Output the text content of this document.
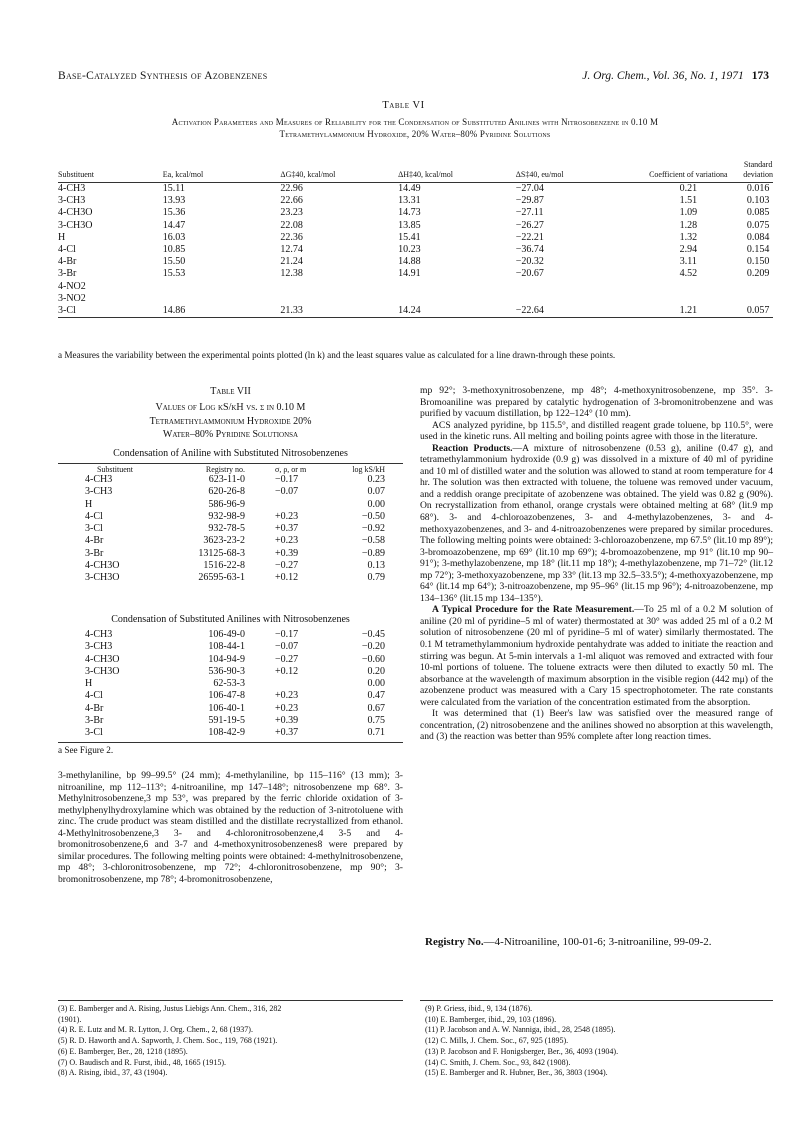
Base-Catalyzed Synthesis of Azobenzenes	J. Org. Chem., Vol. 36, No. 1, 1971 173
Table VI
Activation Parameters and Measures of Reliability for the Condensation of Substituted Anilines with Nitrosobenzene in 0.10 M Tetramethylammonium Hydroxide, 20% Water–80% Pyridine Solutions
Substituent	Ea, kcal/mol	ΔG‡40, kcal/mol	ΔH‡40, kcal/mol	ΔS‡40, eu/mol	Coefficient of variationa	Standard deviation
4-CH3	15.11	22.96	14.49	−27.04	0.21	0.016
3-CH3	13.93	22.66	13.31	−29.87	1.51	0.103
4-CH3O	15.36	23.23	14.73	−27.11	1.09	0.085
3-CH3O	14.47	22.08	13.85	−26.27	1.28	0.075
H	16.03	22.36	15.41	−22.21	1.32	0.084
4-Cl	10.85	12.74	10.23	−36.74	2.94	0.154
4-Br	15.50	21.24	14.88	−20.32	3.11	0.150
3-Br	15.53	12.38	14.91	−20.67	4.52	0.209
4-NO2						
3-NO2						
3-Cl	14.86	21.33	14.24	−22.64	1.21	0.057
a Measures the variability between the experimental points plotted (ln k) and the least squares value as calculated for a line drawn-through these points.
Table VII
Values of Log kS/kH vs. σ in 0.10 M
Tetramethylammonium Hydroxide 20%
Water–80% Pyridine Solutionsa
Condensation of Aniline with Substituted Nitrosobenzenes
Substituent	Registry no.	σ, ρ, or m	log kS/kH
4-CH3	623-11-0	−0.17	0.23
3-CH3	620-26-8	−0.07	0.07
H	586-96-9		0.00
4-Cl	932-98-9	+0.23	−0.50
3-Cl	932-78-5	+0.37	−0.92
4-Br	3623-23-2	+0.23	−0.58
3-Br	13125-68-3	+0.39	−0.89
4-CH3O	1516-22-8	−0.27	0.13
3-CH3O	26595-63-1	+0.12	0.79
Condensation of Substituted Anilines with Nitrosobenzenes
4-CH3	106-49-0	−0.17	−0.45
3-CH3	108-44-1	−0.07	−0.20
4-CH3O	104-94-9	−0.27	−0.60
3-CH3O	536-90-3	+0.12	0.20
H	62-53-3		0.00
4-Cl	106-47-8	+0.23	0.47
4-Br	106-40-1	+0.23	0.67
3-Br	591-19-5	+0.39	0.75
3-Cl	108-42-9	+0.37	0.71
a See Figure 2.
3-methylaniline, bp 99–99.5° (24 mm); 4-methylaniline, bp 115–116° (13 mm); 3-nitroaniline, mp 112–113°; 4-nitroaniline, mp 147–148°; nitrosobenzene mp 68°. 3-Methylnitrosobenzene,3 mp 53°, was prepared by the ferric chloride oxidation of 3-methylphenylhydroxylamine which was obtained by the reduction of 3-nitrotoluene with zinc. The crude product was steam distilled and the distillate recrystallized from ethanol. 4-Methylnitrosobenzene,3 3- and 4-chloronitrosobenzene,4 3-5 and 4-bromonitrosobenzene,6 and 3-7 and 4-methoxynitrosobenzenes8 were prepared by similar procedures. The following melting points were obtained: 4-methylnitrosobenzene, mp 48°; 3-chloronitrosobenzene, mp 72°; 4-chloronitrosobenzene, mp 90°; 3-bromonitrosobenzene, mp 78°; 4-bromonitrosobenzene,
mp 92°; 3-methoxynitrosobenzene, mp 48°; 4-methoxynitrosobenzene, mp 35°. 3-Bromoaniline was prepared by catalytic hydrogenation of 3-bromonitrobenzene and was purified by vacuum distillation, bp 122–124° (10 mm).
ACS analyzed pyridine, bp 115.5°, and distilled reagent grade toluene, bp 110.5°, were used in the kinetic runs. All melting and boiling points agree with those in the literature.
Reaction Products.—A mixture of nitrosobenzene (0.53 g), aniline (0.47 g), and tetramethylammonium hydroxide (0.9 g) was dissolved in a mixture of 40 ml of pyridine and 10 ml of distilled water and the solution was allowed to stand at room temperature for 4 hr. The solution was then extracted with toluene, the toluene was removed under vacuum, and a reddish orange precipitate of azobenzene was obtained. The yield was 0.82 g (90%). On recrystallization from ethanol, orange crystals were obtained melting at 68° (lit.9 mp 68°). 3- and 4-chloroazobenzenes, 3- and 4-methylazobenzenes, 3- and 4-methoxyazobenzenes, and 3- and 4-nitroazobenzenes were prepared by similar procedures. The following melting points were obtained: 3-chloroazobenzene, mp 67.5° (lit.10 mp 89°); 3-bromoazobenzene, mp 69° (lit.10 mp 69°); 4-bromoazobenzene, mp 91° (lit.10 mp 90–91°); 3-methylazobenzene, mp 18° (lit.11 mp 18°); 4-methylazobenzene, mp 71–72° (lit.12 mp 72°); 3-methoxyazobenzene, mp 33° (lit.13 mp 32.5–33.5°); 4-methoxyazobenzene, mp 64° (lit.14 mp 64°); 3-nitroazobenzene, mp 95–96° (lit.15 mp 96°); 4-nitroazobenzene, mp 134–136° (lit.15 mp 134–135°).
A Typical Procedure for the Rate Measurement.—To 25 ml of a 0.2 M solution of aniline (20 ml of pyridine–5 ml of water) thermostated at 30° was added 25 ml of a 0.2 M solution of nitrosobenzene (20 ml of pyridine–5 ml of water) similarly thermostated. The 0.1 M tetramethylammonium hydroxide pentahydrate was added to initiate the reaction and stirring was begun. At 5-min intervals a 1-ml aliquot was removed and extracted with four 10-ml portions of toluene. The toluene extracts were then diluted to exactly 50 ml. The absorbance at the wavelength of maximum absorption in the visible region (442 mμ) of the azobenzene product was measured with a Cary 15 spectrophotometer. The rate constants were calculated from the variation of the concentration estimated from the absorption.
It was determined that (1) Beer's law was satisfied over the measured range of concentration, (2) nitrosobenzene and the anilines showed no absorption at this wavelength, and (3) the reaction was better than 95% complete after long reaction times.
Registry No.—4-Nitroaniline, 100-01-6; 3-nitroaniline, 99-09-2.
(3) E. Bamberger and A. Rising, Justus Liebigs Ann. Chem., 316, 282
(1901).
(4) R. E. Lutz and M. R. Lytton, J. Org. Chem., 2, 68 (1937).
(5) R. D. Haworth and A. Sapworth, J. Chem. Soc., 119, 768 (1921).
(6) E. Bamberger, Ber., 28, 1218 (1895).
(7) O. Baudisch and R. Furst, ibid., 48, 1665 (1915).
(8) A. Rising, ibid., 37, 43 (1904).
(9) P. Griess, ibid., 9, 134 (1876).
(10) E. Bamberger, ibid., 29, 103 (1896).
(11) P. Jacobson and A. W. Nanniga, ibid., 28, 2548 (1895).
(12) C. Mills, J. Chem. Soc., 67, 925 (1895).
(13) P. Jacobson and F. Honigsberger, Ber., 36, 4093 (1904).
(14) C. Smith, J. Chem. Soc., 93, 842 (1908).
(15) E. Bamberger and R. Hubner, Ber., 36, 3803 (1904).
